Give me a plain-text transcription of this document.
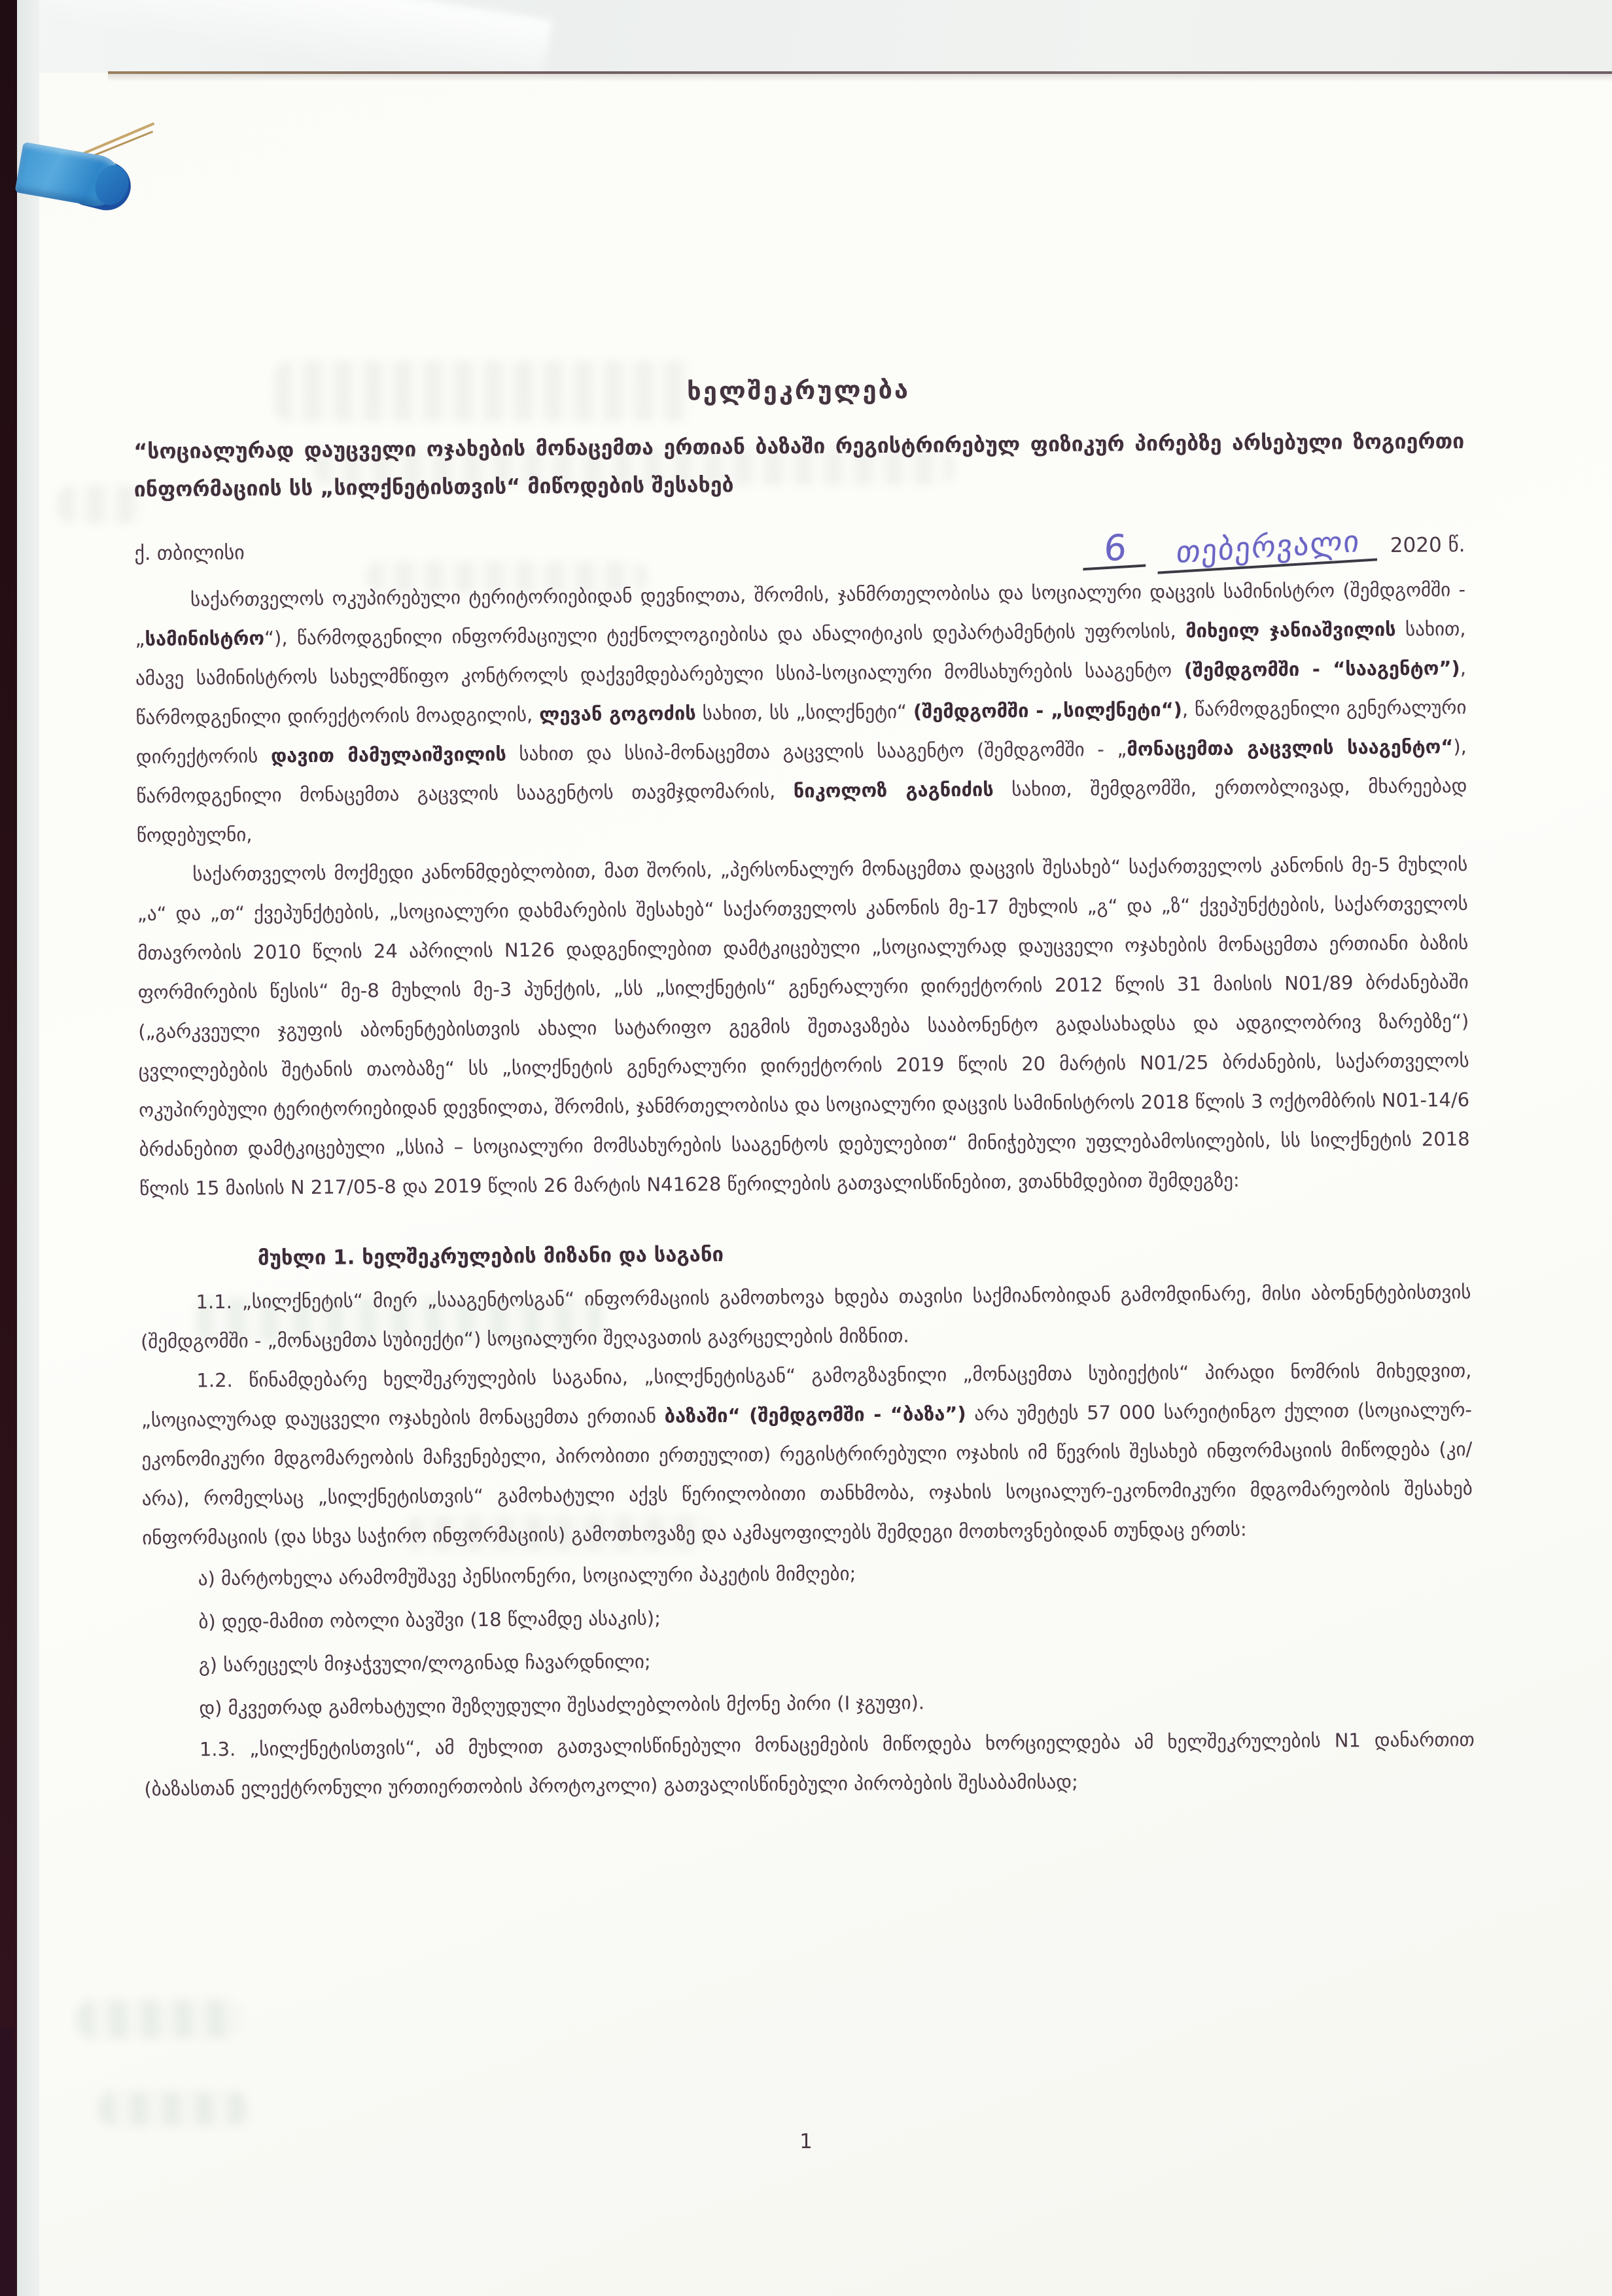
ხელშეკრულება

“სოციალურად დაუცველი ოჯახების მონაცემთა ერთიან ბაზაში რეგისტრირებულ ფიზიკურ პირებზე არსებული ზოგიერთი ინფორმაციის სს „სილქნეტისთვის“ მიწოდების შესახებ

ქ. თბილისი	6	თებერვალი	2020 წ.

საქართველოს ოკუპირებული ტერიტორიებიდან დევნილთა, შრომის, ჯანმრთელობისა და სოციალური დაცვის სამინისტრო (შემდგომში - „სამინისტრო“), წარმოდგენილი ინფორმაციული ტექნოლოგიებისა და ანალიტიკის დეპარტამენტის უფროსის, მიხეილ ჯანიაშვილის სახით, ამავე სამინისტროს სახელმწიფო კონტროლს დაქვემდებარებული სსიპ-სოციალური მომსახურების სააგენტო (შემდგომში - “სააგენტო”), წარმოდგენილი დირექტორის მოადგილის, ლევან გოგოძის სახით, სს „სილქნეტი“ (შემდგომში - „სილქნეტი“), წარმოდგენილი გენერალური დირექტორის დავით მამულაიშვილის სახით და სსიპ-მონაცემთა გაცვლის სააგენტო (შემდგომში - „მონაცემთა გაცვლის სააგენტო“), წარმოდგენილი მონაცემთა გაცვლის სააგენტოს თავმჯდომარის, ნიკოლოზ გაგნიძის სახით, შემდგომში, ერთობლივად, მხარეებად წოდებულნი,

საქართველოს მოქმედი კანონმდებლობით, მათ შორის, „პერსონალურ მონაცემთა დაცვის შესახებ“ საქართველოს კანონის მე-5 მუხლის „ა“ და „თ“ ქვეპუნქტების, „სოციალური დახმარების შესახებ“ საქართველოს კანონის მე-17 მუხლის „გ“ და „ზ“ ქვეპუნქტების, საქართველოს მთავრობის 2010 წლის 24 აპრილის N126 დადგენილებით დამტკიცებული „სოციალურად დაუცველი ოჯახების მონაცემთა ერთიანი ბაზის ფორმირების წესის“ მე-8 მუხლის მე-3 პუნქტის, „სს „სილქნეტის“ გენერალური დირექტორის 2012 წლის 31 მაისის N01/89 ბრძანებაში („გარკვეული ჯგუფის აბონენტებისთვის ახალი სატარიფო გეგმის შეთავაზება სააბონენტო გადასახადსა და ადგილობრივ ზარებზე“) ცვლილებების შეტანის თაობაზე“ სს „სილქნეტის გენერალური დირექტორის 2019 წლის 20 მარტის N01/25 ბრძანების, საქართველოს ოკუპირებული ტერიტორიებიდან დევნილთა, შრომის, ჯანმრთელობისა და სოციალური დაცვის სამინისტროს 2018 წლის 3 ოქტომბრის N01-14/6 ბრძანებით დამტკიცებული „სსიპ – სოციალური მომსახურების სააგენტოს დებულებით“ მინიჭებული უფლებამოსილების, სს სილქნეტის 2018 წლის 15 მაისის N 217/05-8 და 2019 წლის 26 მარტის N41628 წერილების გათვალისწინებით, ვთანხმდებით შემდეგზე:

მუხლი 1. ხელშეკრულების მიზანი და საგანი

1.1. „სილქნეტის“ მიერ „სააგენტოსგან“ ინფორმაციის გამოთხოვა ხდება თავისი საქმიანობიდან გამომდინარე, მისი აბონენტებისთვის (შემდგომში - „მონაცემთა სუბიექტი“) სოციალური შეღავათის გავრცელების მიზნით.

1.2. წინამდებარე ხელშეკრულების საგანია, „სილქნეტისგან“ გამოგზავნილი „მონაცემთა სუბიექტის“ პირადი ნომრის მიხედვით, „სოციალურად დაუცველი ოჯახების მონაცემთა ერთიან ბაზაში“ (შემდგომში - “ბაზა”) არა უმეტეს 57 000 სარეიტინგო ქულით (სოციალურ-ეკონომიკური მდგომარეობის მაჩვენებელი, პირობითი ერთეულით) რეგისტრირებული ოჯახის იმ წევრის შესახებ ინფორმაციის მიწოდება (კი/არა), რომელსაც „სილქნეტისთვის“ გამოხატული აქვს წერილობითი თანხმობა, ოჯახის სოციალურ-ეკონომიკური მდგომარეობის შესახებ ინფორმაციის (და სხვა საჭირო ინფორმაციის) გამოთხოვაზე და აკმაყოფილებს შემდეგი მოთხოვნებიდან თუნდაც ერთს:

ა) მარტოხელა არამომუშავე პენსიონერი, სოციალური პაკეტის მიმღები;

ბ) დედ-მამით ობოლი ბავშვი (18 წლამდე ასაკის);

გ) სარეცელს მიჯაჭვული/ლოგინად ჩავარდნილი;

დ) მკვეთრად გამოხატული შეზღუდული შესაძლებლობის მქონე პირი (I ჯგუფი).

1.3. „სილქნეტისთვის“, ამ მუხლით გათვალისწინებული მონაცემების მიწოდება ხორციელდება ამ ხელშეკრულების N1 დანართით (ბაზასთან ელექტრონული ურთიერთობის პროტოკოლი) გათვალისწინებული პირობების შესაბამისად;

1
